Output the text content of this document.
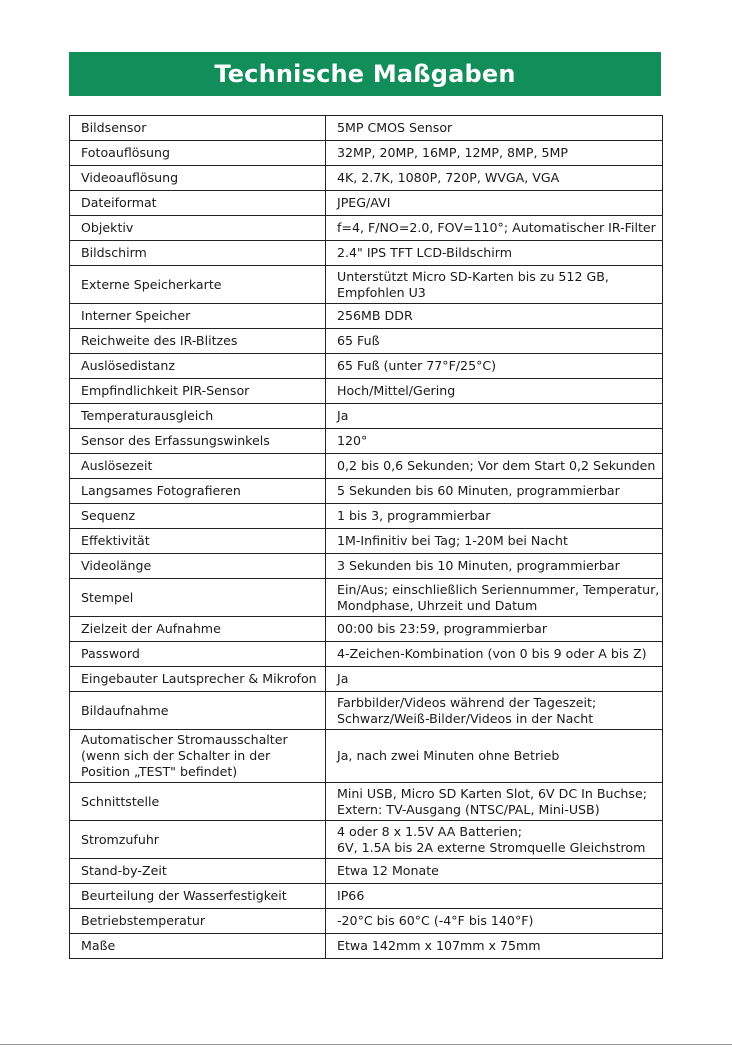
Technische Maßgaben
Bildsensor	5MP CMOS Sensor
Fotoauflösung	32MP, 20MP, 16MP, 12MP, 8MP, 5MP
Videoauflösung	4K, 2.7K, 1080P, 720P, WVGA, VGA
Dateiformat	JPEG/AVI
Objektiv	f=4, F/NO=2.0, FOV=110°; Automatischer IR-Filter
Bildschirm	2.4" IPS TFT LCD-Bildschirm
Externe Speicherkarte	Unterstützt Micro SD-Karten bis zu 512 GB,
Empfohlen U3
Interner Speicher	256MB DDR
Reichweite des IR-Blitzes	65 Fuß
Auslösedistanz	65 Fuß (unter 77°F/25°C)
Empfindlichkeit PIR-Sensor	Hoch/Mittel/Gering
Temperaturausgleich	Ja
Sensor des Erfassungswinkels	120°
Auslösezeit	0,2 bis 0,6 Sekunden; Vor dem Start 0,2 Sekunden
Langsames Fotografieren	5 Sekunden bis 60 Minuten, programmierbar
Sequenz	1 bis 3, programmierbar
Effektivität	1M-Infinitiv bei Tag; 1-20M bei Nacht
Videolänge	3 Sekunden bis 10 Minuten, programmierbar
Stempel	Ein/Aus; einschließlich Seriennummer, Temperatur,
Mondphase, Uhrzeit und Datum
Zielzeit der Aufnahme	00:00 bis 23:59, programmierbar
Password	4-Zeichen-Kombination (von 0 bis 9 oder A bis Z)
Eingebauter Lautsprecher & Mikrofon	Ja
Bildaufnahme	Farbbilder/Videos während der Tageszeit;
Schwarz/Weiß-Bilder/Videos in der Nacht
Automatischer Stromausschalter
(wenn sich der Schalter in der
Position „TEST" befindet)	Ja, nach zwei Minuten ohne Betrieb
Schnittstelle	Mini USB, Micro SD Karten Slot, 6V DC In Buchse;
Extern: TV-Ausgang (NTSC/PAL, Mini-USB)
Stromzufuhr	4 oder 8 x 1.5V AA Batterien;
6V, 1.5A bis 2A externe Stromquelle Gleichstrom
Stand-by-Zeit	Etwa 12 Monate
Beurteilung der Wasserfestigkeit	IP66
Betriebstemperatur	-20°C bis 60°C (-4°F bis 140°F)
Maße	Etwa 142mm x 107mm x 75mm
